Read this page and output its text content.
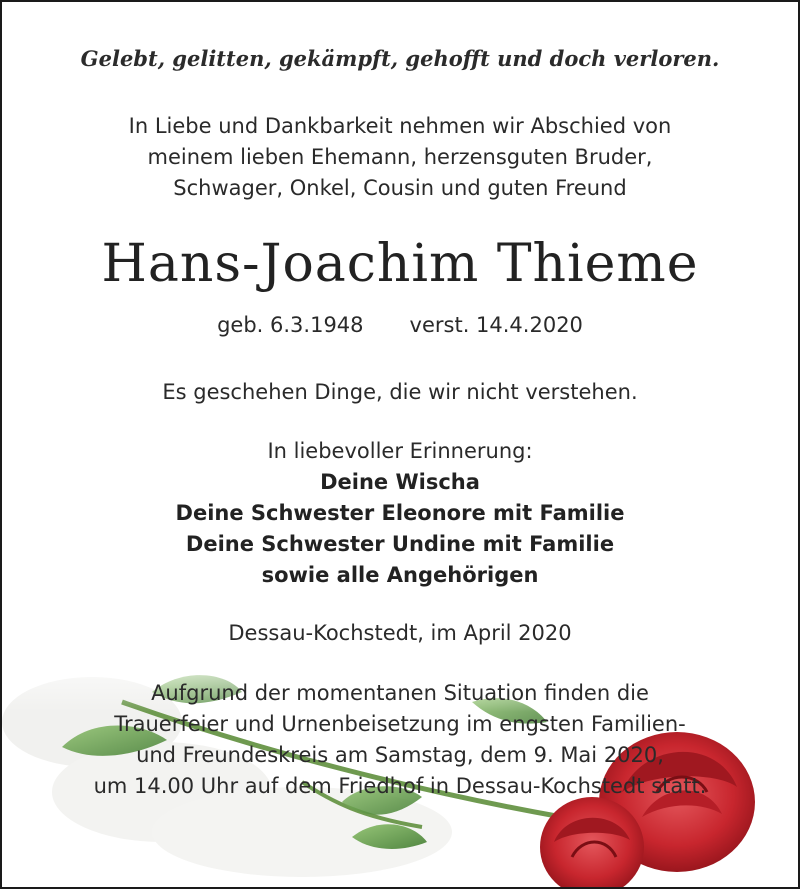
Gelebt, gelitten, gekämpft, gehofft und doch verloren.
In Liebe und Dankbarkeit nehmen wir Abschied von
meinem lieben Ehemann, herzensguten Bruder,
Schwager, Onkel, Cousin und guten Freund
Hans-Joachim Thieme
geb. 6.3.1948 verst. 14.4.2020
Es geschehen Dinge, die wir nicht verstehen.
In liebevoller Erinnerung:
Deine Wischa
Deine Schwester Eleonore mit Familie
Deine Schwester Undine mit Familie
sowie alle Angehörigen
Dessau-Kochstedt, im April 2020
Aufgrund der momentanen Situation finden die
Trauerfeier und Urnenbeisetzung im engsten Familien-
und Freundeskreis am Samstag, dem 9. Mai 2020,
um 14.00 Uhr auf dem Friedhof in Dessau-Kochstedt statt.
